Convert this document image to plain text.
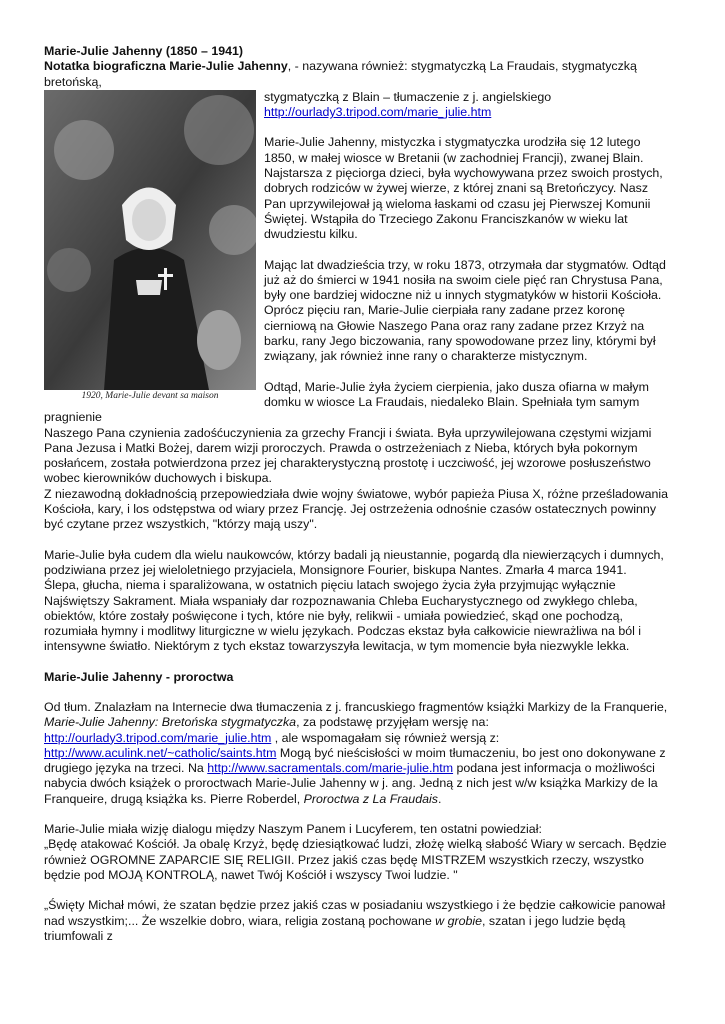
Marie-Julie Jahenny (1850 – 1941)

Notatka biograficzna Marie-Julie Jahenny, - nazywana również: stygmatyczką La Fraudais, stygmatyczką bretońską,

1920, Marie-Julie devant sa maison

stygmatyczką z Blain – tłumaczenie z j. angielskiego

http://ourlady3.tripod.com/marie_julie.htm

Marie-Julie Jahenny, mistyczka i stygmatyczka urodziła się 12 lutego 1850, w małej wiosce w Bretanii (w zachodniej Francji), zwanej Blain. Najstarsza z pięciorga dzieci, była wychowywana przez swoich prostych, dobrych rodziców w żywej wierze, z której znani są Bretończycy. Nasz Pan uprzywilejował ją wieloma łaskami od czasu jej Pierwszej Komunii Świętej. Wstąpiła do Trzeciego Zakonu Franciszkanów w wieku lat dwudziestu kilku.

Mając lat dwadzieścia trzy, w roku 1873, otrzymała dar stygmatów. Odtąd już aż do śmierci w 1941 nosiła na swoim ciele pięć ran Chrystusa Pana, były one bardziej widoczne niż u innych stygmatyków w historii Kościoła. Oprócz pięciu ran, Marie-Julie cierpiała rany zadane przez koronę cierniową na Głowie Naszego Pana oraz rany zadane przez Krzyż na barku, rany Jego biczowania, rany spowodowane przez liny, którymi był związany, jak również inne rany o charakterze mistycznym.

Odtąd, Marie-Julie żyła życiem cierpienia, jako dusza ofiarna w małym domku w wiosce La Fraudais, niedaleko Blain. Spełniała tym samym pragnienie

Naszego Pana czynienia zadośćuczynienia za grzechy Francji i świata. Była uprzywilejowana częstymi wizjami Pana Jezusa i Matki Bożej, darem wizji proroczych. Prawda o ostrzeżeniach z Nieba, których była pokornym posłańcem, została potwierdzona przez jej charakterystyczną prostotę i uczciwość, jej wzorowe posłuszeństwo wobec kierowników duchowych i biskupa.

Z niezawodną dokładnością przepowiedziała dwie wojny światowe, wybór papieża Piusa X, różne prześladowania Kościoła, kary, i los odstępstwa od wiary przez Francję. Jej ostrzeżenia odnośnie czasów ostatecznych powinny być czytane przez wszystkich, "którzy mają uszy".

Marie-Julie była cudem dla wielu naukowców, którzy badali ją nieustannie, pogardą dla niewierzących i dumnych, podziwiana przez jej wieloletniego przyjaciela, Monsignore Fourier, biskupa Nantes. Zmarła 4 marca 1941.

Ślepa, głucha, niema i sparaliżowana, w ostatnich pięciu latach swojego życia żyła przyjmując wyłącznie Najświętszy Sakrament. Miała wspaniały dar rozpoznawania Chleba Eucharystycznego od zwykłego chleba, obiektów, które zostały poświęcone i tych, które nie były, relikwii - umiała powiedzieć, skąd one pochodzą, rozumiała hymny i modlitwy liturgiczne w wielu językach. Podczas ekstaz była całkowicie niewrażliwa na ból i intensywne światło. Niektórym z tych ekstaz towarzyszyła lewitacja, w tym momencie była niezwykle lekka.

Marie-Julie Jahenny - proroctwa

Od tłum. Znalazłam na Internecie dwa tłumaczenia z j. francuskiego fragmentów książki Markizy de la Franquerie, Marie-Julie Jahenny: Bretońska stygmatyczka, za podstawę przyjęłam wersję na:
http://ourlady3.tripod.com/marie_julie.htm , ale wspomagałam się również wersją z:
http://www.aculink.net/~catholic/saints.htm Mogą być nieścisłości w moim tłumaczeniu, bo jest ono dokonywane z drugiego języka na trzeci. Na http://www.sacramentals.com/marie-julie.htm podana jest informacja o możliwości nabycia dwóch książek o proroctwach Marie-Julie Jahenny w j. ang. Jedną z nich jest w/w książka Markizy de la Franqueire, drugą książka ks. Pierre Roberdel, Proroctwa z La Fraudais.

Marie-Julie miała wizję dialogu między Naszym Panem i Lucyferem, ten ostatni powiedział:

„Będę atakować Kościół. Ja obalę Krzyż, będę dziesiątkować ludzi, złożę wielką słabość Wiary w sercach. Będzie również OGROMNE ZAPARCIE SIĘ RELIGII. Przez jakiś czas będę MISTRZEM wszystkich rzeczy, wszystko będzie pod MOJĄ KONTROLĄ, nawet Twój Kościół i wszyscy Twoi ludzie. "

„Święty Michał mówi, że szatan będzie przez jakiś czas w posiadaniu wszystkiego i że będzie całkowicie panował nad wszystkim;... Że wszelkie dobro, wiara, religia zostaną pochowane w grobie, szatan i jego ludzie będą triumfowali z
